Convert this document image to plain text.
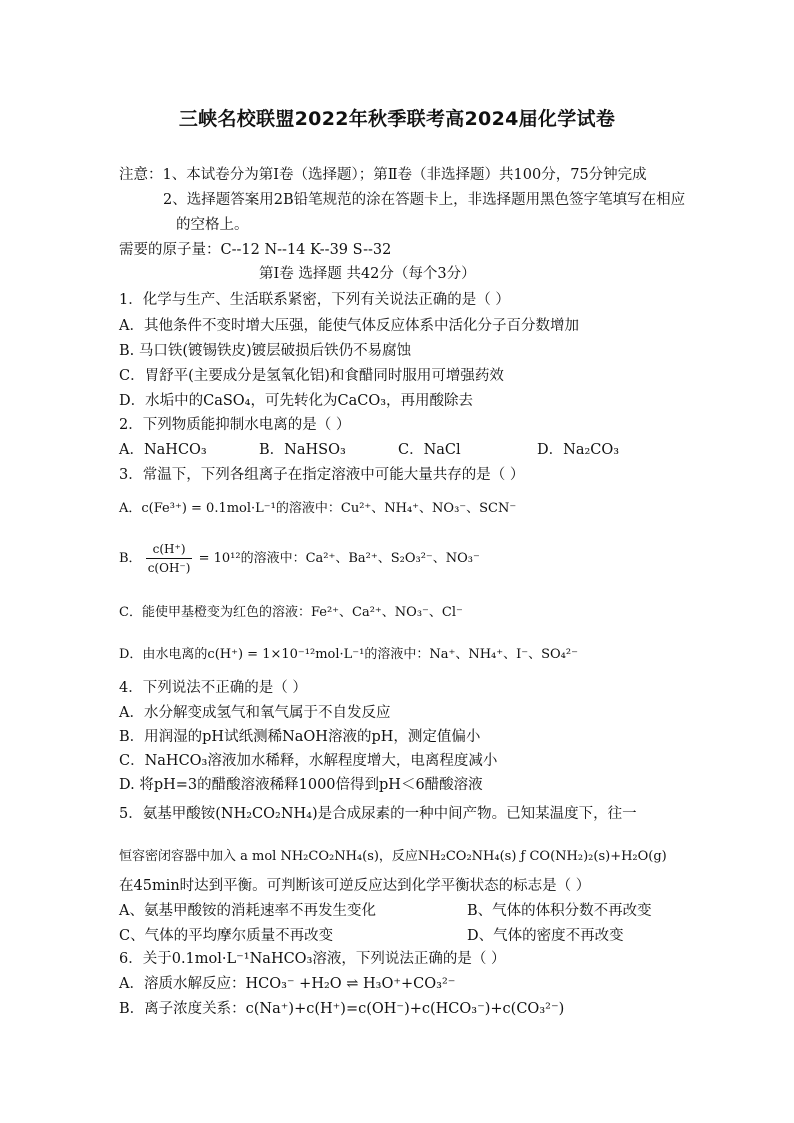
三峡名校联盟2022年秋季联考高2024届化学试卷
注意：1、本试卷分为第Ⅰ卷（选择题）；第Ⅱ卷（非选择题）共100分，75分钟完成
2、选择题答案用2B铅笔规范的涂在答题卡上，非选择题用黑色签字笔填写在相应
的空格上。
需要的原子量：C--12 N--14 K--39 S--32
第Ⅰ卷 选择题 共42分（每个3分）
1．化学与生产、生活联系紧密，下列有关说法正确的是（ ）
A．其他条件不变时增大压强，能使气体反应体系中活化分子百分数增加
B. 马口铁(镀锡铁皮)镀层破损后铁仍不易腐蚀
C．胃舒平(主要成分是氢氧化铝)和食醋同时服用可增强药效
D．水垢中的CaSO₄，可先转化为CaCO₃，再用酸除去
2．下列物质能抑制水电离的是（ ）
A．NaHCO₃	B．NaHSO₃	C．NaCl	D．Na₂CO₃
3．常温下，下列各组离子在指定溶液中可能大量共存的是（ ）
A．c(Fe³⁺) = 0.1mol·L⁻¹的溶液中：Cu²⁺、NH₄⁺、NO₃⁻、SCN⁻
B． $\frac{c(H^+)}{c(OH^-)} = 10^{12}$的溶液中：Ca²⁺、Ba²⁺、S₂O₃²⁻、NO₃⁻
C．能使甲基橙变为红色的溶液：Fe²⁺、Ca²⁺、NO₃⁻、Cl⁻
D．由水电离的c(H⁺) = 1×10⁻¹²mol·L⁻¹的溶液中：Na⁺、NH₄⁺、I⁻、SO₄²⁻
4．下列说法不正确的是（ ）
A．水分解变成氢气和氧气属于不自发反应
B．用润湿的pH试纸测稀NaOH溶液的pH，测定值偏小
C．NaHCO₃溶液加水稀释，水解程度增大，电离程度减小
D. 将pH=3的醋酸溶液稀释1000倍得到pH＜6醋酸溶液
5．氨基甲酸铵(NH₂CO₂NH₄)是合成尿素的一种中间产物。已知某温度下，往一
恒容密闭容器中加入 a mol NH₂CO₂NH₄(s)，反应NH₂CO₂NH₄(s) ƒ CO(NH₂)₂(s)+H₂O(g)
在45min时达到平衡。可判断该可逆反应达到化学平衡状态的标志是（ ）
A、氨基甲酸铵的消耗速率不再发生变化	B、气体的体积分数不再改变
C、气体的平均摩尔质量不再改变	D、气体的密度不再改变
6．关于0.1mol·L⁻¹NaHCO₃溶液，下列说法正确的是（ ）
A．溶质水解反应：HCO₃⁻ +H₂O ⇌ H₃O⁺+CO₃²⁻
B．离子浓度关系：c(Na⁺)+c(H⁺)=c(OH⁻)+c(HCO₃⁻)+c(CO₃²⁻)
